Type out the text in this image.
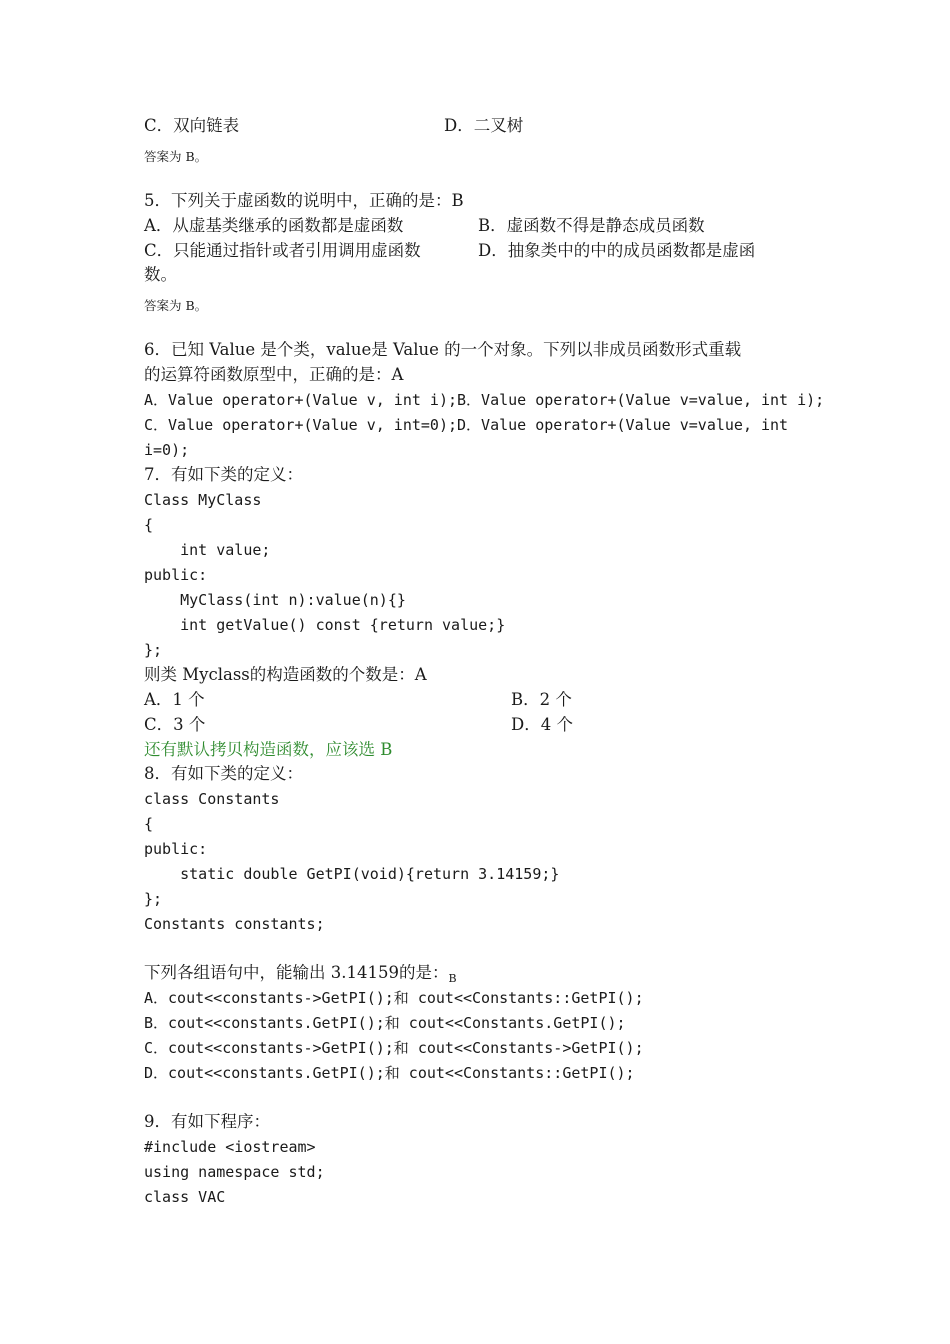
C．双向链表	D．二叉树
答案为 B。
5．下列关于虚函数的说明中，正确的是：B
A．从虚基类继承的函数都是虚函数	B．虚函数不得是静态成员函数
C．只能通过指针或者引用调用虚函数	D．抽象类中的中的成员函数都是虚函
数。
答案为 B。
6．已知 Value 是个类，value是 Value 的一个对象。下列以非成员函数形式重载
的运算符函数原型中，正确的是：A
A．Value operator+(Value v, int i);B．Value operator+(Value v=value, int i);
C．Value operator+(Value v, int=0);D．Value operator+(Value v=value, int
i=0);
7．有如下类的定义：
Class MyClass
{
int value;
public:
MyClass(int n):value(n){}
int getValue() const {return value;}
};
则类 Myclass的构造函数的个数是：A
A．1 个	B．2 个
C．3 个	D．4 个
还有默认拷贝构造函数，应该选 B
8．有如下类的定义：
class Constants
{
public:
static double GetPI(void){return 3.14159;}
};
Constants constants;
下列各组语句中，能输出 3.14159的是：$_B$
A．cout<<constants->GetPI();和 cout<<Constants::GetPI();
B．cout<<constants.GetPI();和 cout<<Constants.GetPI();
C．cout<<constants->GetPI();和 cout<<Constants->GetPI();
D．cout<<constants.GetPI();和 cout<<Constants::GetPI();
9．有如下程序：
#include <iostream>
using namespace std;
class VAC
